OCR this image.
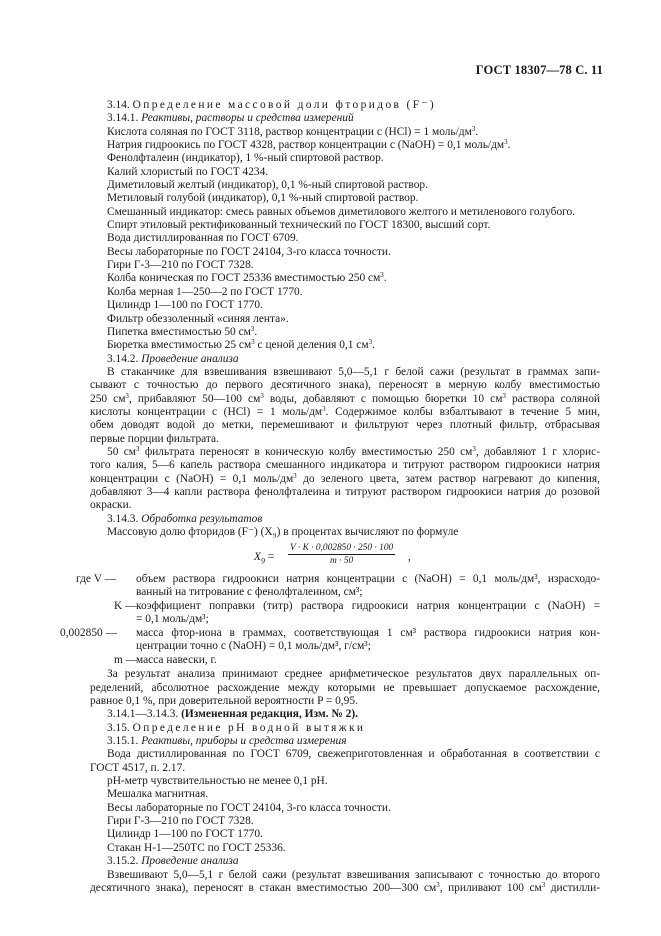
ГОСТ 18307—78 С. 11
3.14. Определение массовой доли фторидов (F⁻)
3.14.1. Реактивы, растворы и средства измерений
Кислота соляная по ГОСТ 3118, раствор концентрации c (HCl) = 1 моль/$дм^3$.
Натрия гидроокись по ГОСТ 4328, раствор концентрации c (NaOH) = 0,1 моль/$дм^3$.
Фенолфталеин (индикатор), 1 %-ный спиртовой раствор.
Калий хлористый по ГОСТ 4234.
Диметиловый желтый (индикатор), 0,1 %-ный спиртовой раствор.
Метиловый голубой (индикатор), 0,1 %-ный спиртовой раствор.
Смешанный индикатор: смесь равных объемов диметилового желтого и метиленового голубого.
Спирт этиловый ректификованный технический по ГОСТ 18300, высший сорт.
Вода дистиллированная по ГОСТ 6709.
Весы лабораторные по ГОСТ 24104, 3-го класса точности.
Гири Г-3—210 по ГОСТ 7328.
Колба коническая по ГОСТ 25336 вместимостью 250 $см^3$.
Колба мерная 1—250—2 по ГОСТ 1770.
Цилиндр 1—100 по ГОСТ 1770.
Фильтр обеззоленный «синяя лента».
Пипетка вместимостью 50 $см^3$.
Бюретка вместимостью 25 $см^3$ с ценой деления 0,1 $см^3$.
3.14.2. Проведение анализа
В стаканчике для взвешивания взвешивают 5,0—5,1 г белой сажи (результат в граммах запи-
сывают с точностью до первого десятичного знака), переносят в мерную колбу вместимостью
250 $см^3$, прибавляют 50—100 $см^3$ воды, добавляют с помощью бюретки 10 $см^3$ раствора соляной
кислоты концентрации c (HCl) = 1 моль/$дм^3$. Содержимое колбы взбалтывают в течение 5 мин,
обем доводят водой до метки, перемешивают и фильтруют через плотный фильтр, отбрасывая
первые порции фильтрата.
50 $см^3$ фильтрата переносят в коническую колбу вместимостью 250 $см^3$, добавляют 1 г хлорис-
того калия, 5—6 капель раствора смешанного индикатора и титруют раствором гидроокиси натрия
концентрации c (NaOH) = 0,1 моль/$дм^3$ до зеленого цвета, затем раствор нагревают до кипения,
добавляют 3—4 капли раствора фенолфталеина и титруют раствором гидроокиси натрия до розовой
окраски.
3.14.3. Обработка результатов
Массовую долю фторидов (F⁻) (X₉) в процентах вычисляют по формуле
$X_9 = \frac{V \cdot K \cdot 0,002850 \cdot 250 \cdot 100}{m \cdot 50}$ ,
где V — объем раствора гидроокиси натрия концентрации c (NaOH) = 0,1 моль/дм³, израсходо-
ванный на титрование с фенолфталеином, см³;
K — коэффициент поправки (титр) раствора гидроокиси натрия концентрации c (NaOH) =
= 0,1 моль/дм³;
0,002850 — масса фтор-иона в граммах, соответствующая 1 см³ раствора гидроокиси натрия кон-
центрации точно c (NaOH) = 0,1 моль/дм³, г/см³;
m —
масса навески, г.
За результат анализа принимают среднее арифметическое результатов двух параллельных оп-
ределений, абсолютное расхождение между которыми не превышает допускаемое расхождение,
равное 0,1 %, при доверительной вероятности P = 0,95.
3.14.1—3.14.3. (Измененная редакция, Изм. № 2).
3.15. Определение рН водной вытяжки
3.15.1. Реактивы, приборы и средства измерения
Вода дистиллированная по ГОСТ 6709, свежеприготовленная и обработанная в соответствии с
ГОСТ 4517, п. 2.17.
рН-метр чувствительностью не менее 0,1 рН.
Мешалка магнитная.
Весы лабораторные по ГОСТ 24104, 3-го класса точности.
Гири Г-3—210 по ГОСТ 7328.
Цилиндр 1—100 по ГОСТ 1770.
Стакан Н-1—250ТС по ГОСТ 25336.
3.15.2. Проведение анализа
Взвешивают 5,0—5,1 г белой сажи (результат взвешивания записывают с точностью до второго
десятичного знака), переносят в стакан вместимостью 200—300 $см^3$, приливают 100 $см^3$ дистилли-
